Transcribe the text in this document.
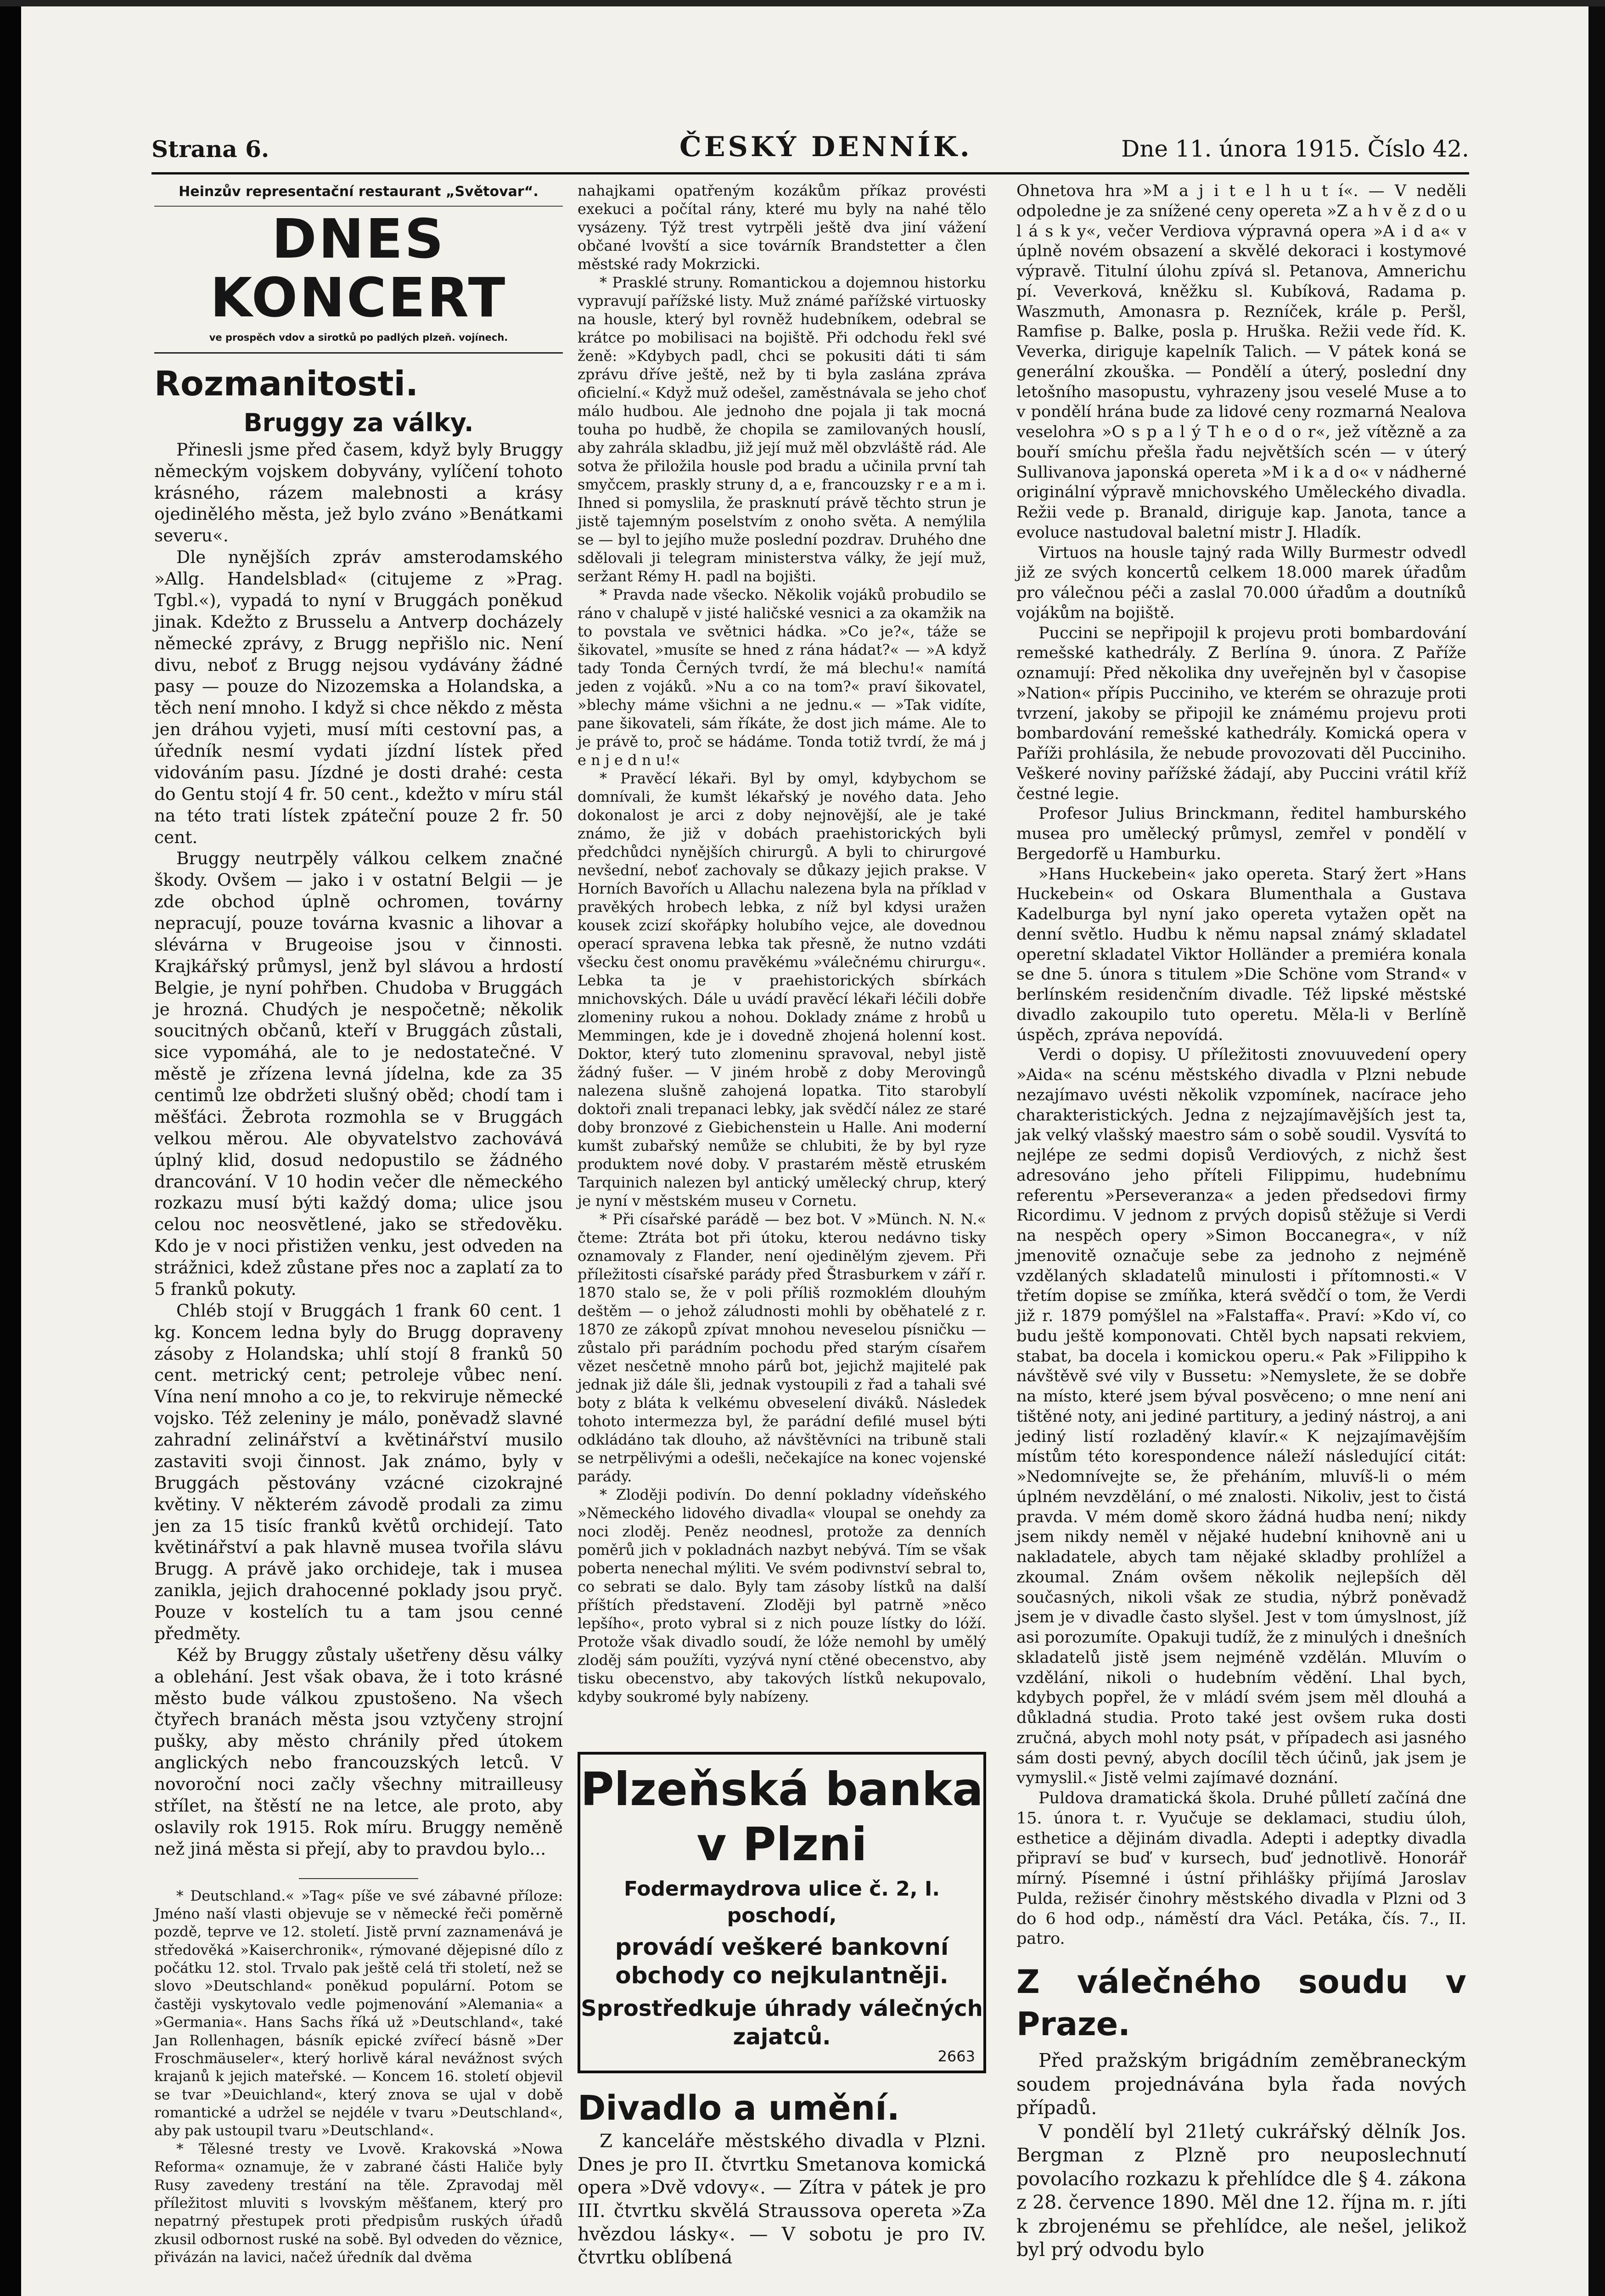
Strana 6.	ČESKÝ DENNÍK.	Dne 11. února 1915. Číslo 42.
Heinzův representační restaurant „Světovar“.
DNES KONCERT
ve prospěch vdov a sirotků po padlých plzeň. vojínech.
Rozmanitosti.
Bruggy za války.

Přinesli jsme před časem, když byly Bruggy německým vojskem dobyvány, vylíčení tohoto krásného, rázem malebnosti a krásy ojedinělého města, jež bylo zváno »Benátkami severu«.

Dle nynějších zpráv amsterodamského »Allg. Handelsblad« (citujeme z »Prag. Tgbl.«), vypadá to nyní v Bruggách poněkud jinak. Kdežto z Brusselu a Antverp docházely německé zprávy, z Brugg nepřišlo nic. Není divu, neboť z Brugg nejsou vydávány žádné pasy — pouze do Nizozemska a Holandska, a těch není mnoho. I když si chce někdo z města jen dráhou vyjeti, musí míti cestovní pas, a úředník nesmí vydati jízdní lístek před vidováním pasu. Jízdné je dosti drahé: cesta do Gentu stojí 4 fr. 50 cent., kdežto v míru stál na této trati lístek zpáteční pouze 2 fr. 50 cent.

Bruggy neutrpěly válkou celkem značné škody. Ovšem — jako i v ostatní Belgii — je zde obchod úplně ochromen, továrny nepracují, pouze továrna kvasnic a lihovar a slévárna v Brugeoise jsou v činnosti. Krajkářský průmysl, jenž byl slávou a hrdostí Belgie, je nyní pohřben. Chudoba v Bruggách je hrozná. Chudých je nespočetně; několik soucitných občanů, kteří v Bruggách zůstali, sice vypomáhá, ale to je nedostatečné. V městě je zřízena levná jídelna, kde za 35 centimů lze obdržeti slušný oběd; chodí tam i měšťáci. Žebrota rozmohla se v Bruggách velkou měrou. Ale obyvatelstvo zachovává úplný klid, dosud nedopustilo se žádného drancování. V 10 hodin večer dle německého rozkazu musí býti každý doma; ulice jsou celou noc neosvětlené, jako se středověku. Kdo je v noci přistižen venku, jest odveden na strážnici, kdež zůstane přes noc a zaplatí za to 5 franků pokuty.

Chléb stojí v Bruggách 1 frank 60 cent. 1 kg. Koncem ledna byly do Brugg dopraveny zásoby z Holandska; uhlí stojí 8 franků 50 cent. metrický cent; petroleje vůbec není. Vína není mnoho a co je, to rekviruje německé vojsko. Též zeleniny je málo, poněvadž slavné zahradní zelinářství a květinářství musilo zastaviti svoji činnost. Jak známo, byly v Bruggách pěstovány vzácné cizokrajné květiny. V některém závodě prodali za zimu jen za 15 tisíc franků květů orchidejí. Tato květinářství a pak hlavně musea tvořila slávu Brugg. A právě jako orchideje, tak i musea zanikla, jejich drahocenné poklady jsou pryč. Pouze v kostelích tu a tam jsou cenné předměty.

Kéž by Bruggy zůstaly ušetřeny děsu války a oblehání. Jest však obava, že i toto krásné město bude válkou zpustošeno. Na všech čtyřech branách města jsou vztyčeny strojní pušky, aby město chránily před útokem anglických nebo francouzských letců. V novoroční noci začly všechny mitrailleusy střílet, na štěstí ne na letce, ale proto, aby oslavily rok 1915. Rok míru. Bruggy neměně než jiná města si přejí, aby to pravdou bylo...

* Deutschland.« »Tag« píše ve své zábavné příloze: Jméno naší vlasti objevuje se v německé řeči poměrně pozdě, teprve ve 12. století. Jistě první zaznamenává je středověká »Kaiserchronik«, rýmované dějepisné dílo z počátku 12. stol. Trvalo pak ještě celá tři století, než se slovo »Deutschland« poněkud populární. Potom se častěji vyskytovalo vedle pojmenování »Alemania« a »Germania«. Hans Sachs říká už »Deutschland«, také Jan Rollenhagen, básník epické zvířecí básně »Der Froschmäuseler«, který horlivě káral nevážnost svých krajanů k jejich mateřské. — Koncem 16. století objevil se tvar »Deuichland«, který znova se ujal v době romantické a udržel se nejdéle v tvaru »Deutschland«, aby pak ustoupil tvaru »Deutschland«.

* Tělesné tresty ve Lvově. Krakovská »Nowa Reforma« oznamuje, že v zabrané části Haliče byly Rusy zavedeny trestání na těle. Zpravodaj měl příležitost mluviti s lvovským měšťanem, který pro nepatrný přestupek proti předpisům ruských úřadů zkusil odbornost ruské na sobě. Byl odveden do věznice, přivázán na lavici, načež úředník dal dvěma

nahajkami opatřeným kozákům příkaz provésti exekuci a počítal rány, které mu byly na nahé tělo vysázeny. Týž trest vytrpěli ještě dva jiní vážení občané lvovští a sice továrník Brandstetter a člen městské rady Mokrzicki.

* Prasklé struny. Romantickou a dojemnou historku vypravují pařížské listy. Muž známé pařížské virtuosky na housle, který byl rovněž hudebníkem, odebral se krátce po mobilisaci na bojiště. Při odchodu řekl své ženě: »Kdybych padl, chci se pokusiti dáti ti sám zprávu dříve ještě, než by ti byla zaslána zpráva oficielní.« Když muž odešel, zaměstnávala se jeho choť málo hudbou. Ale jednoho dne pojala ji tak mocná touha po hudbě, že chopila se zamilovaných houslí, aby zahrála skladbu, již její muž měl obzvláště rád. Ale sotva že přiložila housle pod bradu a učinila první tah smyčcem, praskly struny d, a e, francouzsky r e a m i. Ihned si pomyslila, že prasknutí právě těchto strun je jistě tajemným poselstvím z onoho světa. A nemýlila se — byl to jejího muže poslední pozdrav. Druhého dne sdělovali ji telegram ministerstva války, že její muž, seržant Rémy H. padl na bojišti.

* Pravda nade všecko. Několik vojáků probudilo se ráno v chalupě v jisté haličské vesnici a za okamžik na to povstala ve světnici hádka. »Co je?«, táže se šikovatel, »musíte se hned z rána hádat?« — »A když tady Tonda Černých tvrdí, že má blechu!« namítá jeden z vojáků. »Nu a co na tom?« praví šikovatel, »blechy máme všichni a ne jednu.« — »Tak vidíte, pane šikovateli, sám říkáte, že dost jich máme. Ale to je právě to, proč se hádáme. Tonda totiž tvrdí, že má j e n j e d n u!«

* Pravěcí lékaři. Byl by omyl, kdybychom se domnívali, že kumšt lékařský je nového data. Jeho dokonalost je arci z doby nejnovější, ale je také známo, že již v dobách praehistorických byli předchůdci nynějších chirurgů. A byli to chirurgové nevšední, neboť zachovaly se důkazy jejich prakse. V Horních Bavořích u Allachu nalezena byla na příklad v pravěkých hrobech lebka, z níž byl kdysi uražen kousek zcizí skořápky holubího vejce, ale dovednou operací spravena lebka tak přesně, že nutno vzdáti všecku čest onomu pravěkému »válečnému chirurgu«. Lebka ta je v praehistorických sbírkách mnichovských. Dále u uvádí pravěcí lékaři léčili dobře zlomeniny rukou a nohou. Doklady známe z hrobů u Memmingen, kde je i dovedně zhojená holenní kost. Doktor, který tuto zlomeninu spravoval, nebyl jistě žádný fušer. — V jiném hrobě z doby Merovingů nalezena slušně zahojená lopatka. Tito starobylí doktoři znali trepanaci lebky, jak svědčí nález ze staré doby bronzové z Giebichenstein u Halle. Ani moderní kumšt zubařský nemůže se chlubiti, že by byl ryze produktem nové doby. V prastarém městě etruském Tarquinich nalezen byl antický umělecký chrup, který je nyní v městském museu v Cornetu.

* Při císařské parádě — bez bot. V »Münch. N. N.« čteme: Ztráta bot při útoku, kterou nedávno tisky oznamovaly z Flander, není ojedinělým zjevem. Při příležitosti císařské parády před Štrasburkem v září r. 1870 stalo se, že v poli příliš rozmoklém dlouhým deštěm — o jehož záludnosti mohli by oběhatelé z r. 1870 ze zákopů zpívat mnohou neveselou písničku — zůstalo při parádním pochodu před starým císařem vězet nesčetně mnoho párů bot, jejichž majitelé pak jednak již dále šli, jednak vystoupili z řad a tahali své boty z bláta k velkému obveselení diváků. Následek tohoto intermezza byl, že parádní defilé musel býti odkládáno tak dlouho, až návštěvníci na tribuně stali se netrpělivými a odešli, nečekajíce na konec vojenské parády.

* Zloději podivín. Do denní pokladny vídeňského »Německého lidového divadla« vloupal se onehdy za noci zloděj. Peněz neodnesl, protože za denních poměrů jich v pokladnách nazbyt nebývá. Tím se však poberta nenechal mýliti. Ve svém podivnství sebral to, co sebrati se dalo. Byly tam zásoby lístků na další příštích představení. Zloději byl patrně »něco lepšího«, proto vybral si z nich pouze lístky do lóží. Protože však divadlo soudí, že lóže nemohl by umělý zloděj sám použíti, vyzývá nyní ctěné obecenstvo, aby tisku obecenstvo, aby takových lístků nekupovalo, kdyby soukromé byly nabízeny.

Plzeňská banka
v Plzni
Fodermaydrova ulice č. 2, I. poschodí,
provádí veškeré bankovní obchody co nejkulantněji.
Sprostředkuje úhrady válečných zajatců.
2663
Divadlo a umění.

Z kanceláře městského divadla v Plzni. Dnes je pro II. čtvrtku Smetanova komická opera »Dvě vdovy«. — Zítra v pátek je pro III. čtvrtku skvělá Straussova opereta »Za hvězdou lásky«. — V sobotu je pro IV. čtvrtku oblíbená

Ohnetova hra »M a j i t e l h u t í«. — V neděli odpoledne je za snížené ceny opereta »Z a h v ě z d o u l á s k y«, večer Verdiova výpravná opera »A i d a« v úplně novém obsazení a skvělé dekoraci i kostymové výpravě. Titulní úlohu zpívá sl. Petanova, Amnerichu pí. Veverková, kněžku sl. Kubíková, Radama p. Waszmuth, Amonasra p. Rezníček, krále p. Peršl, Ramfise p. Balke, posla p. Hruška. Režii vede říd. K. Veverka, diriguje kapelník Talich. — V pátek koná se generální zkouška. — Pondělí a úterý, poslední dny letošního masopustu, vyhrazeny jsou veselé Muse a to v pondělí hrána bude za lidové ceny rozmarná Nealova veselohra »O s p a l ý T h e o d o r«, jež vítězně a za bouří smíchu přešla řadu největších scén — v úterý Sullivanova japonská opereta »M i k a d o« v nádherné originální výpravě mnichovského Uměleckého divadla. Režii vede p. Branald, diriguje kap. Janota, tance a evoluce nastudoval baletní mistr J. Hladík.

Virtuos na housle tajný rada Willy Burmestr odvedl již ze svých koncertů celkem 18.000 marek úřadům pro válečnou péči a zaslal 70.000 úřadům a doutníků vojákům na bojiště.

Puccini se nepřipojil k projevu proti bombardování remešské kathedrály. Z Berlína 9. února. Z Paříže oznamují: Před několika dny uveřejněn byl v časopise »Nation« přípis Pucciniho, ve kterém se ohrazuje proti tvrzení, jakoby se připojil ke známému projevu proti bombardování remešské kathedrály. Komická opera v Paříži prohlásila, že nebude provozovati děl Pucciniho. Veškeré noviny pařížské žádají, aby Puccini vrátil kříž čestné legie.

Profesor Julius Brinckmann, ředitel hamburského musea pro umělecký průmysl, zemřel v pondělí v Bergedorfě u Hamburku.

»Hans Huckebein« jako opereta. Starý žert »Hans Huckebein« od Oskara Blumenthala a Gustava Kadelburga byl nyní jako opereta vytažen opět na denní světlo. Hudbu k němu napsal známý skladatel operetní skladatel Viktor Holländer a premiéra konala se dne 5. února s titulem »Die Schöne vom Strand« v berlínském residenčním divadle. Též lipské městské divadlo zakoupilo tuto operetu. Měla-li v Berlíně úspěch, zpráva nepovídá.

Verdi o dopisy. U příležitosti znovuuvedení opery »Aida« na scénu městského divadla v Plzni nebude nezajímavo uvésti několik vzpomínek, nacírace jeho charakteristických. Jedna z nejzajímavějších jest ta, jak velký vlašský maestro sám o sobě soudil. Vysvítá to nejlépe ze sedmi dopisů Verdiových, z nichž šest adresováno jeho příteli Filippimu, hudebnímu referentu »Perseveranza« a jeden předsedovi firmy Ricordimu. V jednom z prvých dopisů stěžuje si Verdi na nespěch opery »Simon Boccanegra«, v níž jmenovitě označuje sebe za jednoho z nejméně vzdělaných skladatelů minulosti i přítomnosti.« V třetím dopise se zmíňka, která svědčí o tom, že Verdi již r. 1879 pomýšlel na »Falstaffa«. Praví: »Kdo ví, co budu ještě komponovati. Chtěl bych napsati rekviem, stabat, ba docela i komickou operu.« Pak »Filippiho k návštěvě své vily v Bussetu: »Nemyslete, že se dobře na místo, které jsem býval posvěceno; o mne není ani tištěné noty, ani jediné partitury, a jediný nástroj, a ani jediný listí rozladěný klavír.« K nejzajímavějším místům této korespondence náleží následující citát: »Nedomnívejte se, že přeháním, mluvíš-li o mém úplném nevzdělání, o mé znalosti. Nikoliv, jest to čistá pravda. V mém domě skoro žádná hudba není; nikdy jsem nikdy neměl v nějaké hudební knihovně ani u nakladatele, abych tam nějaké skladby prohlížel a zkoumal. Znám ovšem několik nejlepších děl současných, nikoli však ze studia, nýbrž poněvadž jsem je v divadle často slyšel. Jest v tom úmyslnost, jíž asi porozumíte. Opakuji tudíž, že z minulých i dnešních skladatelů jistě jsem nejméně vzdělán. Mluvím o vzdělání, nikoli o hudebním vědění. Lhal bych, kdybych popřel, že v mládí svém jsem měl dlouhá a důkladná studia. Proto také jest ovšem ruka dosti zručná, abych mohl noty psát, v případech asi jasného sám dosti pevný, abych docílil těch účinů, jak jsem je vymyslil.« Jistě velmi zajímavé doznání.

Puldova dramatická škola. Druhé půlletí začíná dne 15. února t. r. Vyučuje se deklamaci, studiu úloh, esthetice a dějinám divadla. Adepti i adeptky divadla připraví se buď v kursech, buď jednotlivě. Honorář mírný. Písemné i ústní přihlášky přijímá Jaroslav Pulda, režisér činohry městského divadla v Plzni od 3 do 6 hod odp., náměstí dra Václ. Petáka, čís. 7., II. patro.

Z válečného soudu v Praze.

Před pražským brigádním zeměbraneckým soudem projednávána byla řada nových případů.

V pondělí byl 21letý cukrářský dělník Jos. Bergman z Plzně pro neuposlechnutí povolacího rozkazu k přehlídce dle § 4. zákona z 28. července 1890. Měl dne 12. října m. r. jíti k zbrojenému se přehlídce, ale nešel, jelikož byl prý odvodu bylo
